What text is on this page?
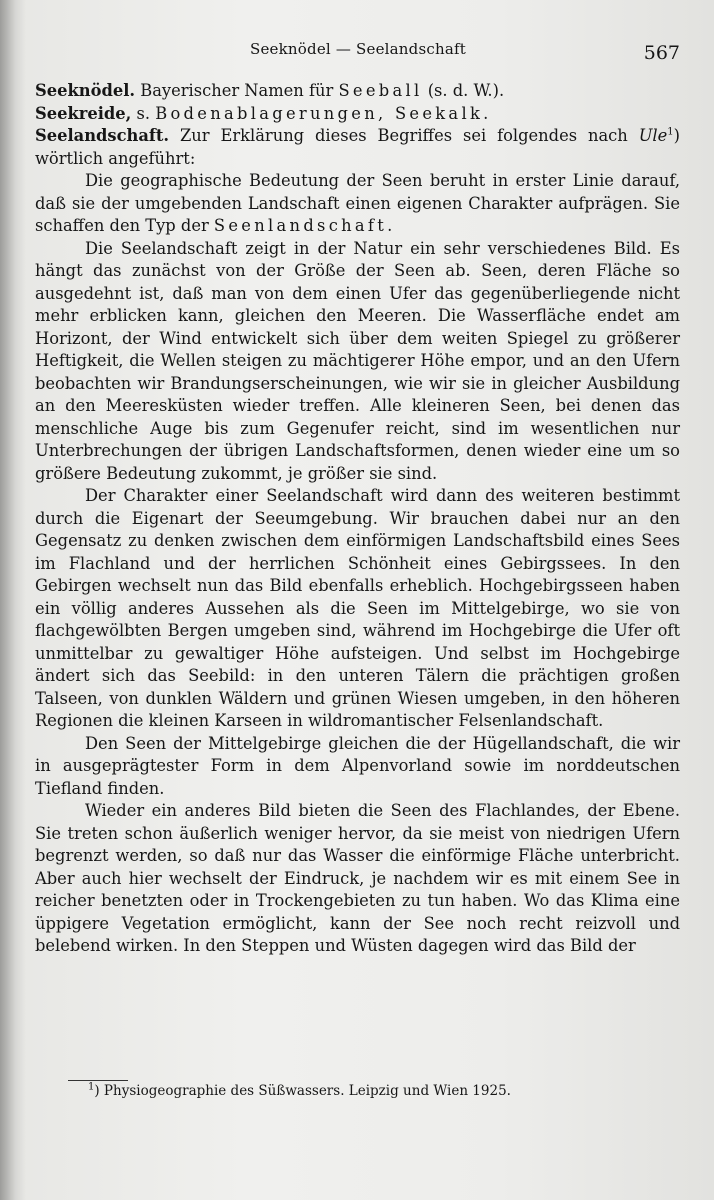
Seeknödel — Seelandschaft	567

Seeknödel. Bayerischer Namen für Seeball (s. d. W.).

Seekreide, s. Bodenablagerungen, Seekalk.

Seelandschaft. Zur Erklärung dieses Begriffes sei folgendes nach Ule$^1$) wörtlich angeführt:

Die geographische Bedeutung der Seen beruht in erster Linie darauf, daß sie der umgebenden Landschaft einen eigenen Charakter aufprägen. Sie schaffen den Typ der Seenlandschaft.

Die Seelandschaft zeigt in der Natur ein sehr verschiedenes Bild. Es hängt das zunächst von der Größe der Seen ab. Seen, deren Fläche so ausgedehnt ist, daß man von dem einen Ufer das gegenüberliegende nicht mehr erblicken kann, gleichen den Meeren. Die Wasserfläche endet am Horizont, der Wind entwickelt sich über dem weiten Spiegel zu größerer Heftigkeit, die Wellen steigen zu mächtigerer Höhe empor, und an den Ufern beobachten wir Brandungserscheinungen, wie wir sie in gleicher Ausbildung an den Meeresküsten wieder treffen. Alle kleineren Seen, bei denen das menschliche Auge bis zum Gegenufer reicht, sind im wesentlichen nur Unterbrechungen der übrigen Landschaftsformen, denen wieder eine um so größere Bedeutung zukommt, je größer sie sind.

Der Charakter einer Seelandschaft wird dann des weiteren bestimmt durch die Eigenart der Seeumgebung. Wir brauchen dabei nur an den Gegensatz zu denken zwischen dem einförmigen Landschaftsbild eines Sees im Flachland und der herrlichen Schönheit eines Gebirgssees. In den Gebirgen wechselt nun das Bild ebenfalls erheblich. Hochgebirgsseen haben ein völlig anderes Aussehen als die Seen im Mittelgebirge, wo sie von flachgewölbten Bergen umgeben sind, während im Hochgebirge die Ufer oft unmittelbar zu gewaltiger Höhe aufsteigen. Und selbst im Hochgebirge ändert sich das Seebild: in den unteren Tälern die prächtigen großen Talseen, von dunklen Wäldern und grünen Wiesen umgeben, in den höheren Regionen die kleinen Karseen in wildromantischer Felsenlandschaft.

Den Seen der Mittelgebirge gleichen die der Hügellandschaft, die wir in ausgeprägtester Form in dem Alpenvorland sowie im norddeutschen Tiefland finden.

Wieder ein anderes Bild bieten die Seen des Flachlandes, der Ebene. Sie treten schon äußerlich weniger hervor, da sie meist von niedrigen Ufern begrenzt werden, so daß nur das Wasser die einförmige Fläche unterbricht. Aber auch hier wechselt der Eindruck, je nachdem wir es mit einem See in reicher benetzten oder in Trockengebieten zu tun haben. Wo das Klima eine üppigere Vegetation ermöglicht, kann der See noch recht reizvoll und belebend wirken. In den Steppen und Wüsten dagegen wird das Bild der

$^1$) Physiogeographie des Süßwassers. Leipzig und Wien 1925.
